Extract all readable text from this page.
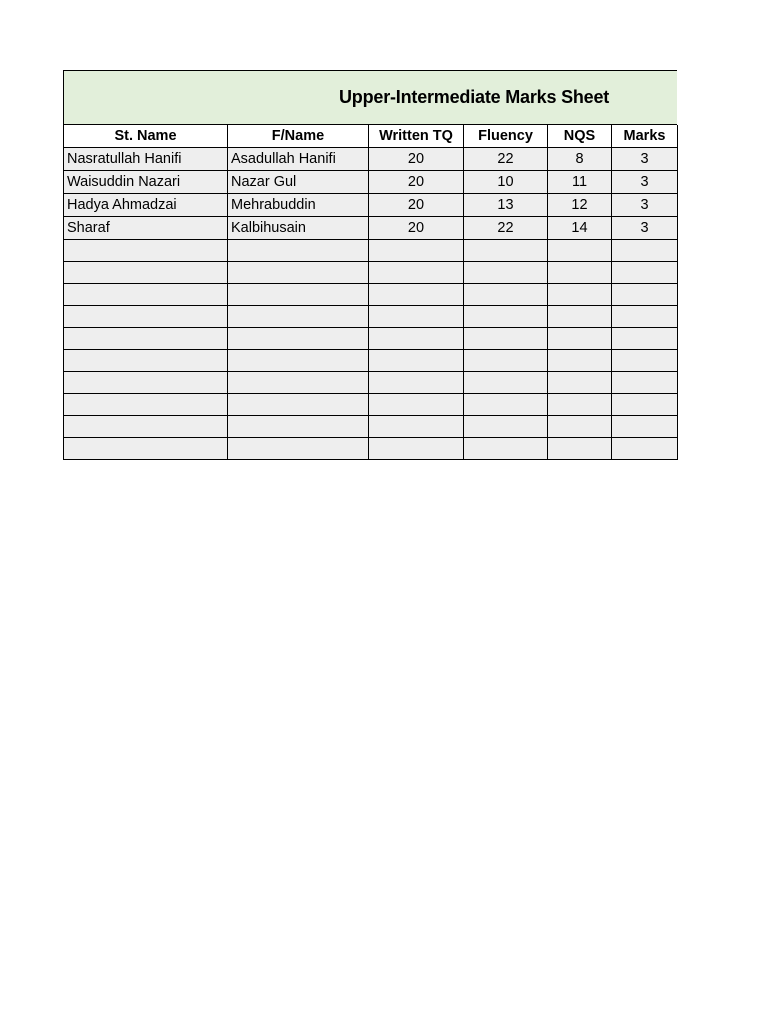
Upper-Intermediate Marks Sheet
St. Name	F/Name	Written TQ	Fluency	NQS	Marks
Nasratullah Hanifi	Asadullah Hanifi	20	22	8	3
Waisuddin Nazari	Nazar Gul	20	10	11	3
Hadya Ahmadzai	Mehrabuddin	20	13	12	3
Sharaf	Kalbihusain	20	22	14	3
